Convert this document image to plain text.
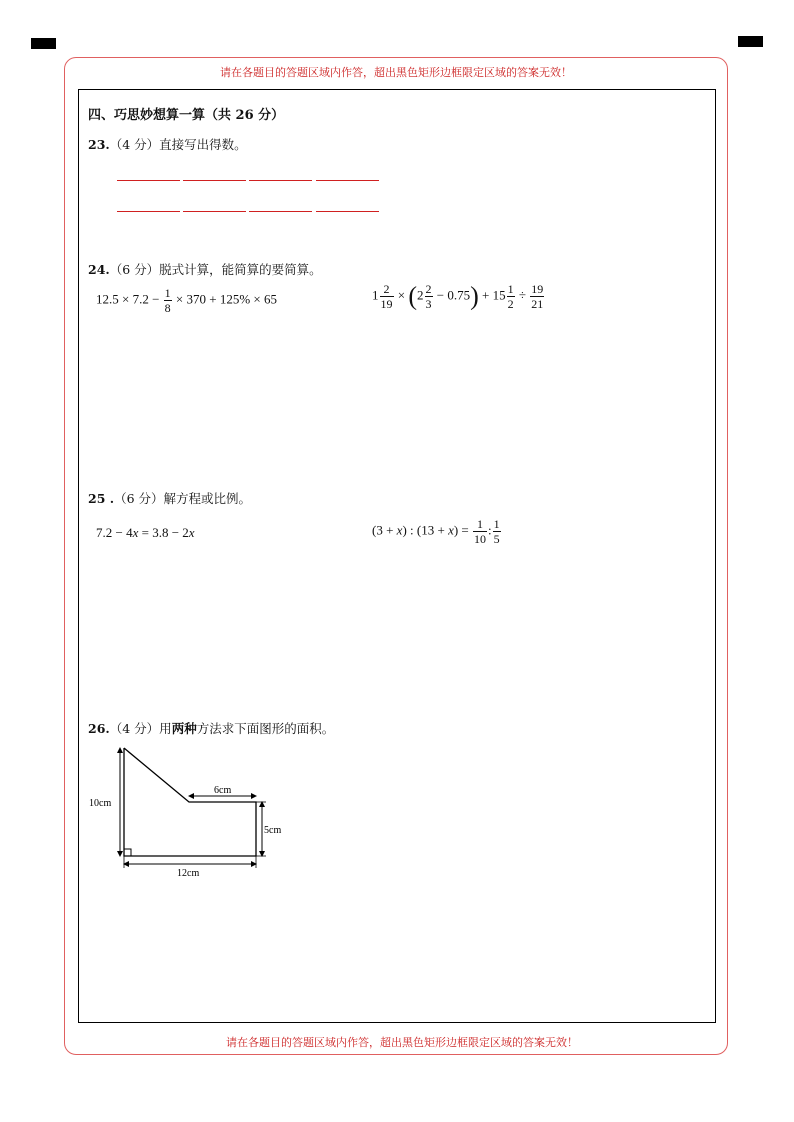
请在各题目的答题区域内作答，超出黑色矩形边框限定区域的答案无效！
请在各题目的答题区域内作答，超出黑色矩形边框限定区域的答案无效！
四、巧思妙想算一算（共 26 分）
23.（4 分）直接写出得数。
24.（6 分）脱式计算，能简算的要简算。
$12.5 \times 7.2 - \frac{1}{8} \times 370 + 125\% \times 65$	$1 \frac{2}{19} \times (2 \frac{2}{3} - 0.75) + 15 \frac{1}{2} \div \frac{19}{21}$
25 .（6 分）解方程或比例。
7.2 − 4x = 3.8 − 2x	(3 + x) : $(13 + x) = \frac{1}{10}$ : $\frac{1}{5}$
26.（4 分）用两种方法求下面图形的面积。
10cm
6cm
5cm
12cm
